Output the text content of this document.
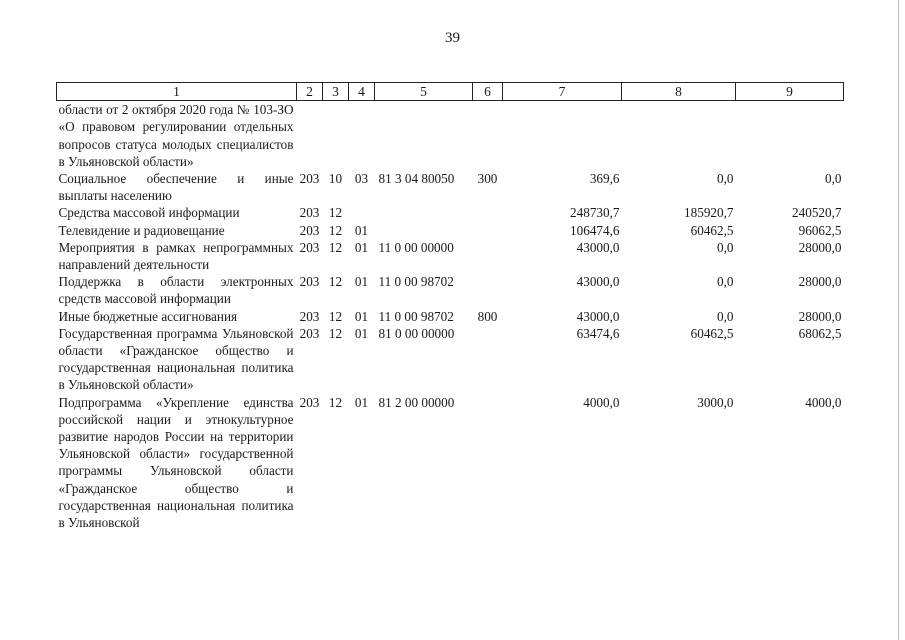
39
1	2	3	4	5	6	7	8	9
области от 2 октября 2020 года № 103-ЗО «О правовом регулировании отдельных вопросов статуса молодых специалистов в Ульяновской области»								
Социальное обеспечение и иные выплаты населению	203	10	03	81 3 04 80050	300	369,6	0,0	0,0
Средства массовой информации	203	12				248730,7	185920,7	240520,7
Телевидение и радиовещание	203	12	01			106474,6	60462,5	96062,5
Мероприятия в рамках непрограммных направлений деятельности	203	12	01	11 0 00 00000		43000,0	0,0	28000,0
Поддержка в области электронных средств массовой информации	203	12	01	11 0 00 98702		43000,0	0,0	28000,0
Иные бюджетные ассигнования	203	12	01	11 0 00 98702	800	43000,0	0,0	28000,0
Государственная программа Ульяновской области «Гражданское общество и государственная национальная политика в Ульяновской области»	203	12	01	81 0 00 00000		63474,6	60462,5	68062,5
Подпрограмма «Укрепление единства российской нации и этнокультурное развитие народов России на территории Ульяновской области» государственной программы Ульяновской области «Гражданское общество и государственная национальная политика в Ульяновской	203	12	01	81 2 00 00000		4000,0	3000,0	4000,0
